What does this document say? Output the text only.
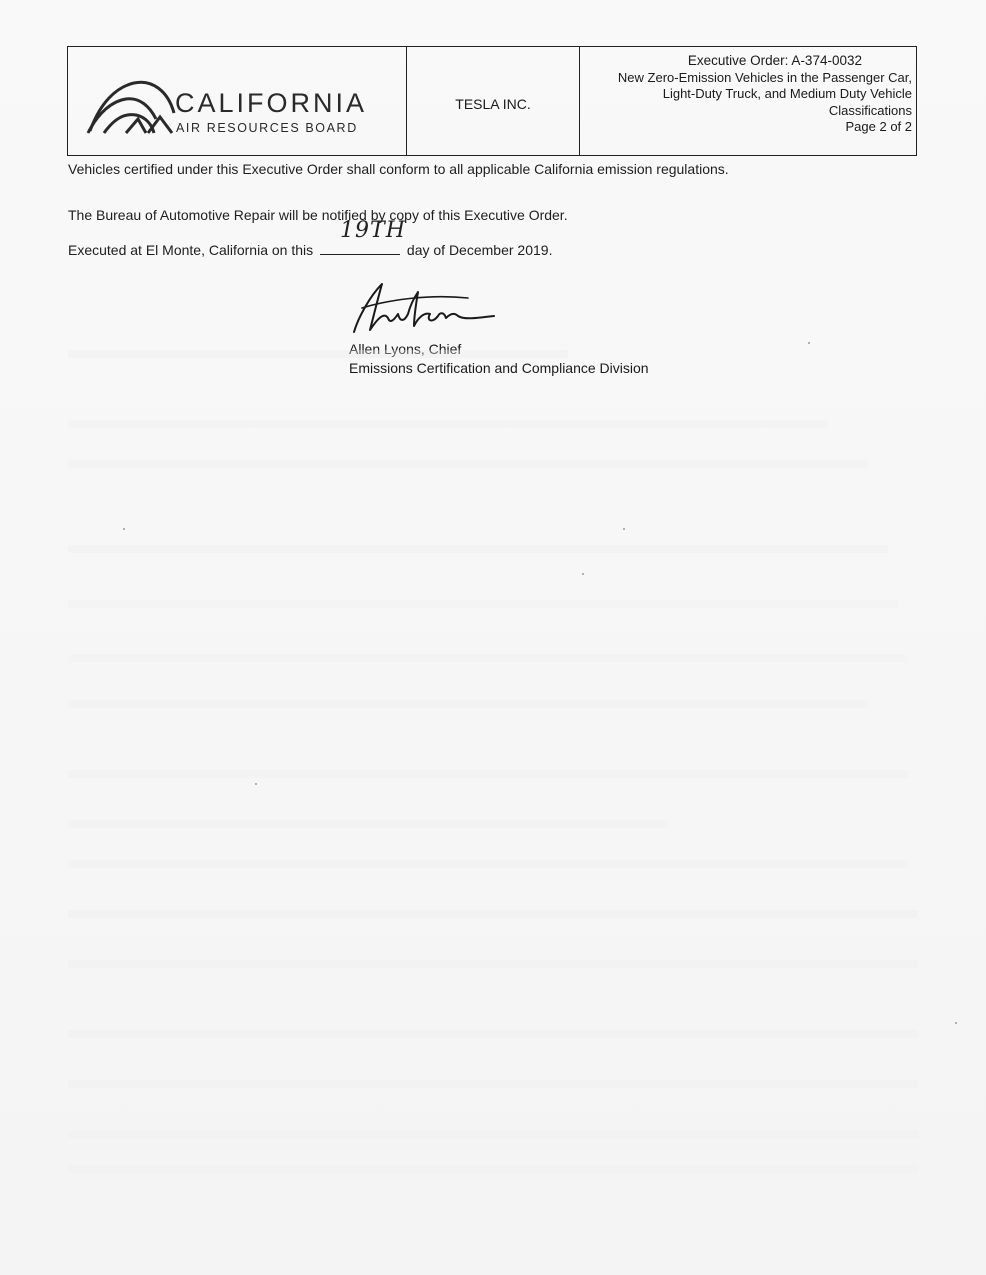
CALIFORNIA
AIR RESOURCES BOARD
TESLA INC.
Executive Order: A-374-0032
New Zero-Emission Vehicles in the Passenger Car,
Light-Duty Truck, and Medium Duty Vehicle
Classifications
Page 2 of 2
Vehicles certified under this Executive Order shall conform to all applicable California emission regulations.
The Bureau of Automotive Repair will be notified by copy of this Executive Order.
Executed at El Monte, California on this
19TH
day of December 2019.
Allen Lyons, Chief
Emissions Certification and Compliance Division
